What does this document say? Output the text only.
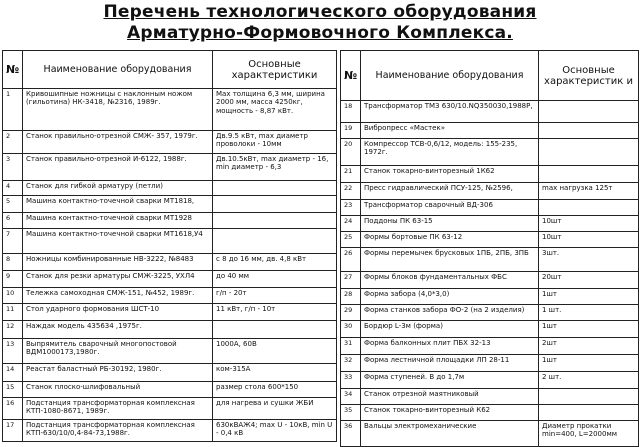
Перечень технологического оборудования
Арматурно-Формовочного Комплекса.
№	Наименование оборудования	Основные характеристики
1	Кривошипные ножницы с наклонным ножом (гильотина) НК-3418, №2316, 1989г.	Max толщина 6,3 мм, ширина 2000 мм, масса 4250кг, мощность - 8,87 кВт.
2	Станок правильно-отрезной СМЖ- 357, 1979г.	Дв.9.5 кВт, max диаметр проволоки - 10мм
3	Станок правильно-отрезной И-6122, 1988г.	Дв.10.5кВт, max диаметр - 16, min диаметр - 6,3
4	Станок для гибкой арматуру (петли)	
5	Машина контактно-точечной сварки МТ1818,	
6	Машина контактно-точечной сварки МТ1928	
7	Машина контактно-точечной сварки МТ1618,У4	
8	Ножницы комбинированные НВ-3222, №8483	с 8 до 16 мм, дв. 4,8 кВт
9	Станок для резки арматуры СМЖ-3225, УХЛ4	до 40 мм
10	Тележка самоходная СМЖ-151, №452, 1989г.	г/п - 20т
11	Стол ударного формования ШСТ-10	11 кВт, г/п - 10т
12	Наждак модель 435634 ,1975г.	
13	Выпрямитель сварочный многопостовой ВДМ1000173,1980г.	1000А, 60В
14	Реастат баластный РБ-30192, 1980г.	ком-315А
15	Станок плоско-шлифовальный	размер стола 600*150
16	Подстанция трансформаторная комплексная КТП-1080-8671, 1989г.	для нагрева и сушки ЖБИ
17	Подстанция трансформаторная комплексная КТП-630/10/0,4-84-73,1988г.	630кВАЖ4; max U - 10кВ, min U - 0,4 кВ
№	Наименование оборудования	Основные характеристик и
18	Трансформатор ТМЗ 630/10.NQ350030,1988Р,	
19	Вибропресс «Мастек»	
20	Компрессор ТСВ-0,6/12, модель: 155-235, 1972г.	
21	Станок токарно-винторезный 1К62	
22	Пресс гидравлический ПСУ-125, №2596,	max нагрузка 125т
23	Трансформатор сварочный ВД-306	
24	Поддоны ПК 63-15	10шт
25	Формы бортовые ПК 63-12	10шт
26	Формы перемычек брусковых 1ПБ, 2ПБ, 3ПБ	3шт.
27	Формы блоков фундаментальных ФБС	20шт
28	Форма забора (4,0*3,0)	1шт
29	Форма станков забора ФО-2 (на 2 изделия)	1 шт.
30	Бордюр L-3м (форма)	1шт
31	Форма балконных плит ПБХ 32-13	2шт
32	Форма лестничной площадки ЛП 28-11	1шт
33	Форма ступеней. В до 1,7м	2 шт.
34	Станок отрезной маятниковый	
35	Станок токарно-винторезный К62	
36	Вальцы электромеханические	Диаметр прокатки min=400, L=2000мм
